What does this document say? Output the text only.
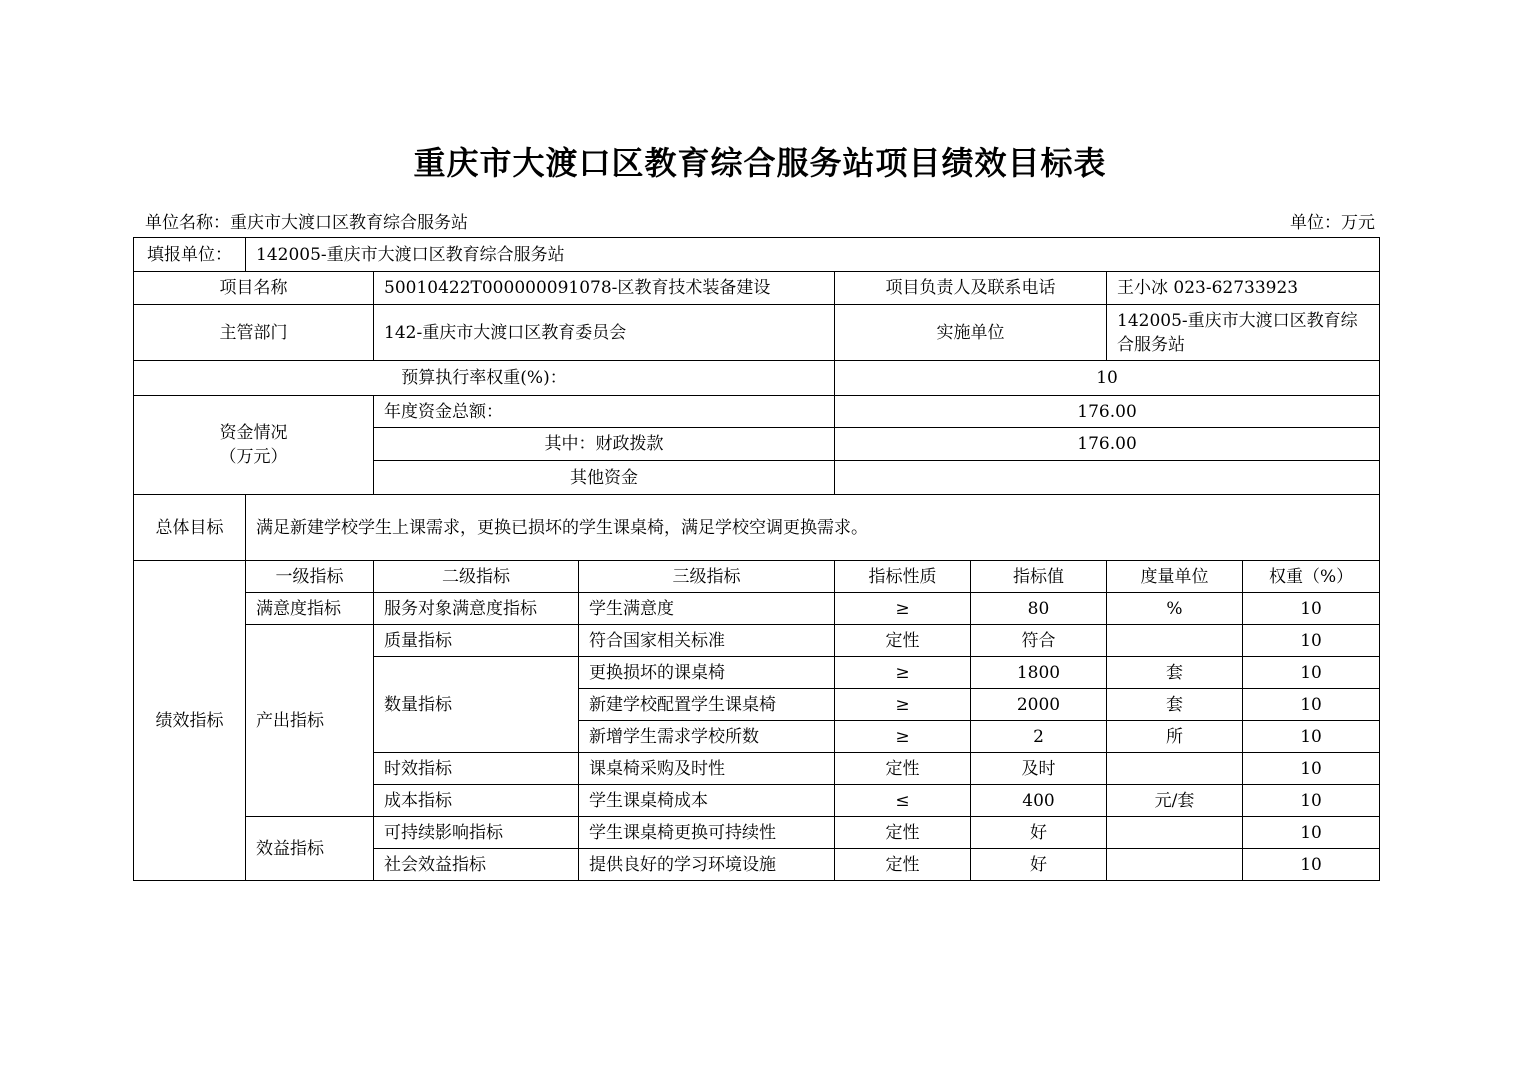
重庆市大渡口区教育综合服务站项目绩效目标表
单位名称：重庆市大渡口区教育综合服务站	单位：万元
填报单位：	142005-重庆市大渡口区教育综合服务站						
项目名称		50010422T000000091078-区教育技术装备建设		项目负责人及联系电话		王小冰 023-62733923	
主管部门		142-重庆市大渡口区教育委员会		实施单位		142005-重庆市大渡口区教育综合服务站	
预算执行率权重(%)：				10			

资金情况
（万元）		年度资金总额：		176.00			
		其中：财政拨款		176.00			
		其他资金					
总体目标	满足新建学校学生上课需求，更换已损坏的学生课桌椅，满足学校空调更换需求。						
绩效指标	一级指标	二级指标	三级指标	指标性质	指标值	度量单位	权重（%）
	满意度指标	服务对象满意度指标	学生满意度	≥	80	%	10
	产出指标	质量指标	符合国家相关标准	定性	符合		10
		数量指标	更换损坏的课桌椅	≥	1800	套	10
			新建学校配置学生课桌椅	≥	2000	套	10
			新增学生需求学校所数	≥	2	所	10
		时效指标	课桌椅采购及时性	定性	及时		10
		成本指标	学生课桌椅成本	≤	400	元/套	10
	效益指标	可持续影响指标	学生课桌椅更换可持续性	定性	好		10
		社会效益指标	提供良好的学习环境设施	定性	好		10
